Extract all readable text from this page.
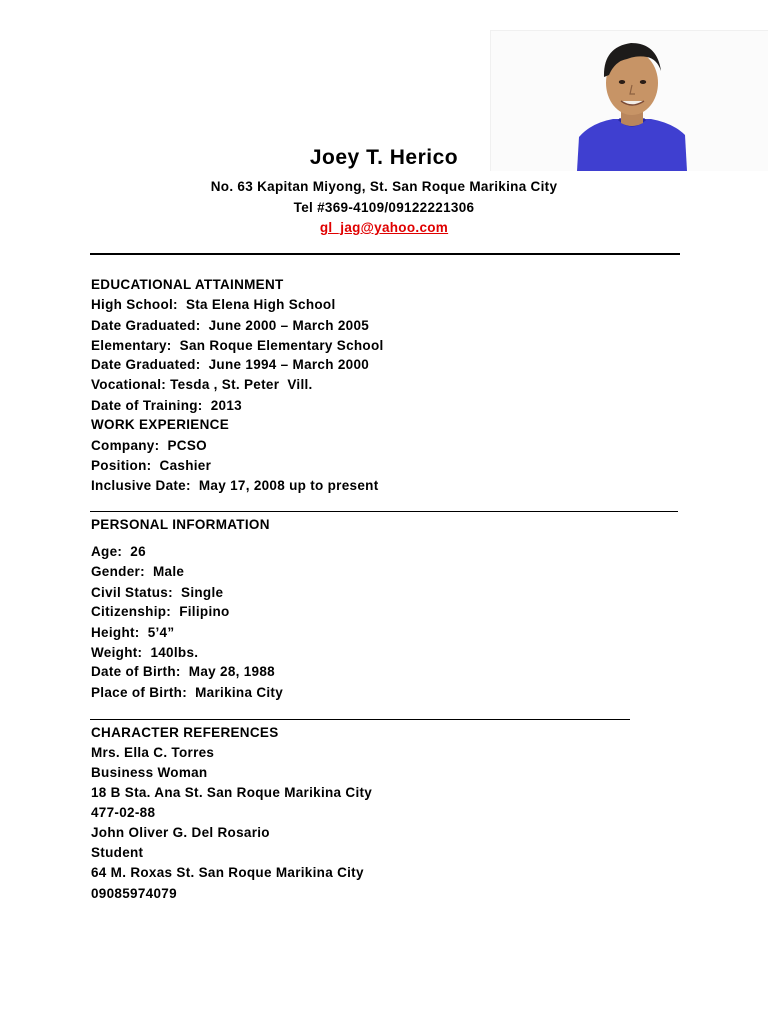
Joey T. Herico
No. 63 Kapitan Miyong, St. San Roque Marikina City
Tel #369-4109/09122221306
gl_jag@yahoo.com
EDUCATIONAL ATTAINMENT
High School:  Sta Elena High School
Date Graduated:  June 2000 – March 2005
Elementary:  San Roque Elementary School
Date Graduated:  June 1994 – March 2000
Vocational: Tesda , St. Peter  Vill.
Date of Training:  2013
WORK EXPERIENCE
Company:  PCSO
Position:  Cashier
Inclusive Date:  May 17, 2008 up to present
PERSONAL INFORMATION
Age:  26
Gender:  Male
Civil Status:  Single
Citizenship:  Filipino
Height:  5’4”
Weight:  140lbs.
Date of Birth:  May 28, 1988
Place of Birth:  Marikina City
CHARACTER REFERENCES
Mrs. Ella C. Torres
Business Woman
18 B Sta. Ana St. San Roque Marikina City
477-02-88
John Oliver G. Del Rosario
Student
64 M. Roxas St. San Roque Marikina City
09085974079
